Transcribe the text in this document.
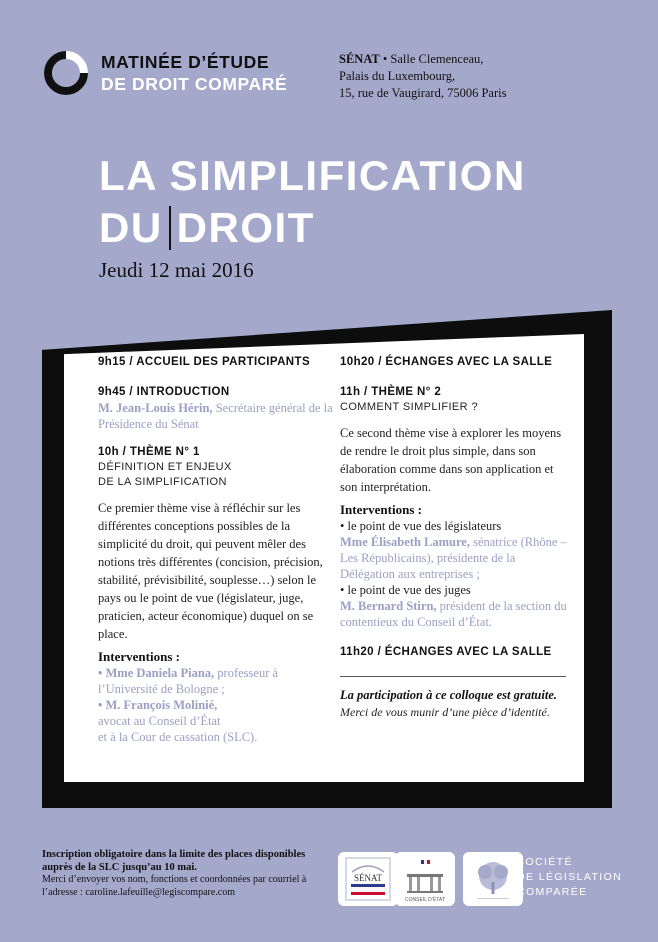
MATINÉE D’ÉTUDE
DE DROIT COMPARÉ
SÉNAT • Salle Clemenceau,
Palais du Luxembourg,
15, rue de Vaugirard, 75006 Paris
LA SIMPLIFICATION
DU DROIT
Jeudi 12 mai 2016

9h15 / ACCUEIL DES PARTICIPANTS

9h45 / INTRODUCTION

M. Jean-Louis Hérin, Secrétaire général de la Présidence du Sénat

10h / THÈME N° 1

DÉFINITION ET ENJEUX
DE LA SIMPLIFICATION
Ce premier thème vise à réfléchir sur les différentes conceptions possibles de la simplicité du droit, qui peuvent mêler des notions très différentes (concision, précision, stabilité, prévisibilité, souplesse…) selon le pays ou le point de vue (législateur, juge, praticien, acteur économique) duquel on se place.
Interventions :
• Mme Daniela Piana, professeur à l’Université de Bologne ;
• M. François Molinié,
avocat au Conseil d’État
et à la Cour de cassation (SLC).

10h20 / ÉCHANGES AVEC LA SALLE

11h / THÈME N° 2

COMMENT SIMPLIFIER ?
Ce second thème vise à explorer les moyens de rendre le droit plus simple, dans son élaboration comme dans son application et son interprétation.
Interventions :
• le point de vue des législateurs
Mme Élisabeth Lamure, sénatrice (Rhône – Les Républicains), présidente de la Délégation aux entreprises ;
• le point de vue des juges
M. Bernard Stirn, président de la section du contentieux du Conseil d’État.

11h20 / ÉCHANGES AVEC LA SALLE

La participation à ce colloque est gratuite.
Merci de vous munir d’une pièce d’identité.
Inscription obligatoire dans la limite des places disponibles auprès de la SLC jusqu’au 10 mai.
Merci d’envoyer vos nom, fonctions et coordonnées par courriel à l’adresse : caroline.lafeuille@legiscompare.com
SÉNAT
CONSEIL D’ÉTAT
SOCIÉTÉ
DE LÉGISLATION
COMPARÉE
